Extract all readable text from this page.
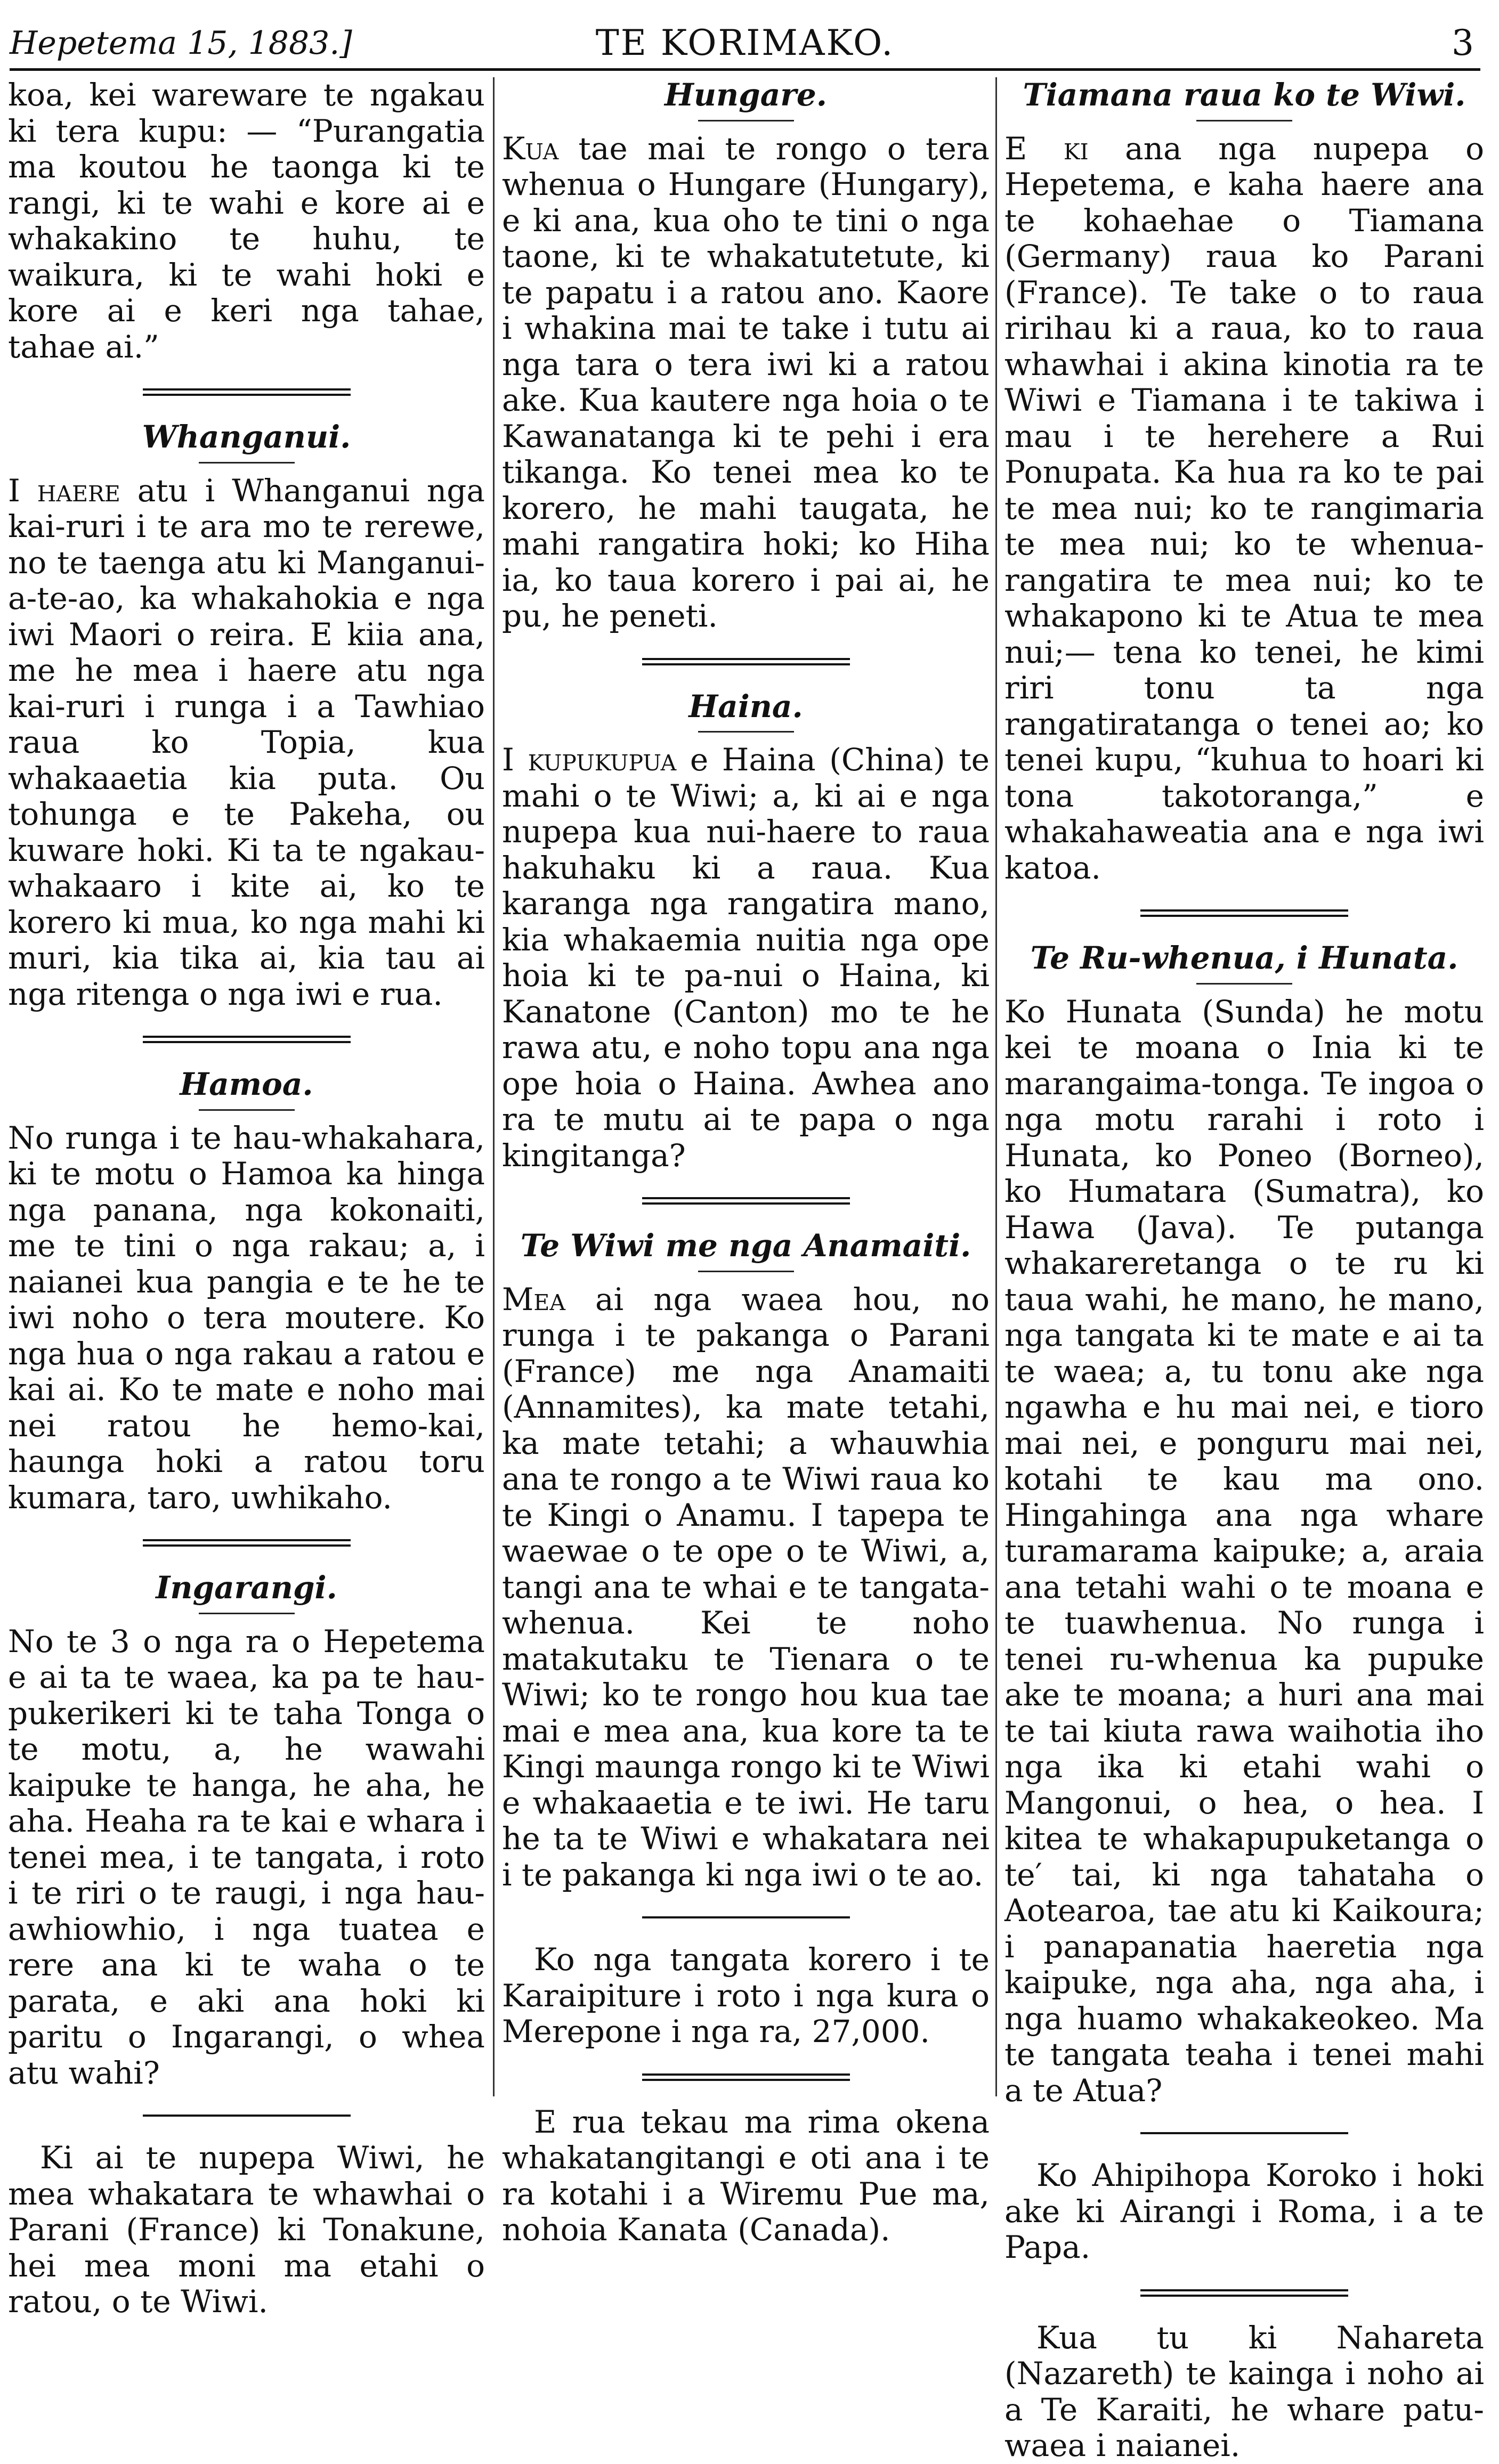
Hepetema 15, 1883.]	TE KORIMAKO.	3

koa, kei wareware te ngakau ki tera kupu: — “Purangatia ma koutou he taonga ki te rangi, ki te wahi e kore ai e whakakino te huhu, te waikura, ki te wahi hoki e kore ai e keri nga tahae, tahae ai.”

Whanganui.

I haere atu i Whanganui nga kai-ruri i te ara mo te rerewe, no te taenga atu ki Manganui-a-te-ao, ka whakahokia e nga iwi Maori o reira. E kiia ana, me he mea i haere atu nga kai-ruri i runga i a Tawhiao raua ko Topia, kua whakaaetia kia puta. Ou tohunga e te Pakeha, ou kuware hoki. Ki ta te ngakau-whakaaro i kite ai, ko te korero ki mua, ko nga mahi ki muri, kia tika ai, kia tau ai nga ritenga o nga iwi e rua.

Hamoa.

No runga i te hau-whakahara, ki te motu o Hamoa ka hinga nga panana, nga kokonaiti, me te tini o nga rakau; a, i naianei kua pangia e te he te iwi noho o tera moutere. Ko nga hua o nga rakau a ratou e kai ai. Ko te mate e noho mai nei ratou he hemo-kai, haunga hoki a ratou toru kumara, taro, uwhikaho.

Ingarangi.

No te 3 o nga ra o Hepetema e ai ta te waea, ka pa te hau-pukerikeri ki te taha Tonga o te motu, a, he wawahi kaipuke te hanga, he aha, he aha. Heaha ra te kai e whara i tenei mea, i te tangata, i roto i te riri o te raugi, i nga hau-awhiowhio, i nga tuatea e rere ana ki te waha o te parata, e aki ana hoki ki paritu o Ingarangi, o whea atu wahi?

Ki ai te nupepa Wiwi, he mea whakatara te whawhai o Parani (France) ki Tonakune, hei mea moni ma etahi o ratou, o te Wiwi.

Hungare.

Kua tae mai te rongo o tera whenua o Hungare (Hungary), e ki ana, kua oho te tini o nga taone, ki te whakatutetute, ki te papatu i a ratou ano. Kaore i whakina mai te take i tutu ai nga tara o tera iwi ki a ratou ake. Kua kautere nga hoia o te Kawanatanga ki te pehi i era tikanga. Ko tenei mea ko te korero, he mahi taugata, he mahi rangatira hoki; ko Hiha ia, ko taua korero i pai ai, he pu, he peneti.

Haina.

I kupukupua e Haina (China) te mahi o te Wiwi; a, ki ai e nga nupepa kua nui-haere to raua hakuhaku ki a raua. Kua karanga nga rangatira mano, kia whakaemia nuitia nga ope hoia ki te pa-nui o Haina, ki Kanatone (Canton) mo te he rawa atu, e noho topu ana nga ope hoia o Haina. Awhea ano ra te mutu ai te papa o nga kingitanga?

Te Wiwi me nga Anamaiti.

Mea ai nga waea hou, no runga i te pakanga o Parani (France) me nga Anamaiti (Annamites), ka mate tetahi, ka mate tetahi; a whauwhia ana te rongo a te Wiwi raua ko te Kingi o Anamu. I tapepa te waewae o te ope o te Wiwi, a, tangi ana te whai e te tangata-whenua. Kei te noho matakutaku te Tienara o te Wiwi; ko te rongo hou kua tae mai e mea ana, kua kore ta te Kingi maunga rongo ki te Wiwi e whakaaetia e te iwi. He taru he ta te Wiwi e whakatara nei i te pakanga ki nga iwi o te ao.

Ko nga tangata korero i te Karaipiture i roto i nga kura o Merepone i nga ra, 27,000.

E rua tekau ma rima okena whakatangitangi e oti ana i te ra kotahi i a Wiremu Pue ma, nohoia Kanata (Canada).

Tiamana raua ko te Wiwi.

E ki ana nga nupepa o Hepetema, e kaha haere ana te kohaehae o Tiamana (Germany) raua ko Parani (France). Te take o to raua ririhau ki a raua, ko to raua whawhai i akina kinotia ra te Wiwi e Tiamana i te takiwa i mau i te herehere a Rui Ponupata. Ka hua ra ko te pai te mea nui; ko te rangimaria te mea nui; ko te whenua-rangatira te mea nui; ko te whakapono ki te Atua te mea nui;— tena ko tenei, he kimi riri tonu ta nga rangatiratanga o tenei ao; ko tenei kupu, “kuhua to hoari ki tona takotoranga,” e whakahaweatia ana e nga iwi katoa.

Te Ru-whenua, i Hunata.

Ko Hunata (Sunda) he motu kei te moana o Inia ki te marangaima-tonga. Te ingoa o nga motu rarahi i roto i Hunata, ko Poneo (Borneo), ko Humatara (Sumatra), ko Hawa (Java). Te putanga whakareretanga o te ru ki taua wahi, he mano, he mano, nga tangata ki te mate e ai ta te waea; a, tu tonu ake nga ngawha e hu mai nei, e tioro mai nei, e ponguru mai nei, kotahi te kau ma ono. Hingahinga ana nga whare turamarama kaipuke; a, araia ana tetahi wahi o te moana e te tuawhenua. No runga i tenei ru-whenua ka pupuke ake te moana; a huri ana mai te tai kiuta rawa waihotia iho nga ika ki etahi wahi o Mangonui, o hea, o hea. I kitea te whakapupuketanga o te′ tai, ki nga tahataha o Aotearoa, tae atu ki Kaikoura; i panapanatia haeretia nga kaipuke, nga aha, nga aha, i nga huamo whakakeokeo. Ma te tangata teaha i tenei mahi a te Atua?

Ko Ahipihopa Koroko i hoki ake ki Airangi i Roma, i a te Papa.

Kua tu ki Nahareta (Nazareth) te kainga i noho ai a Te Karaiti, he whare patu-waea i naianei.
